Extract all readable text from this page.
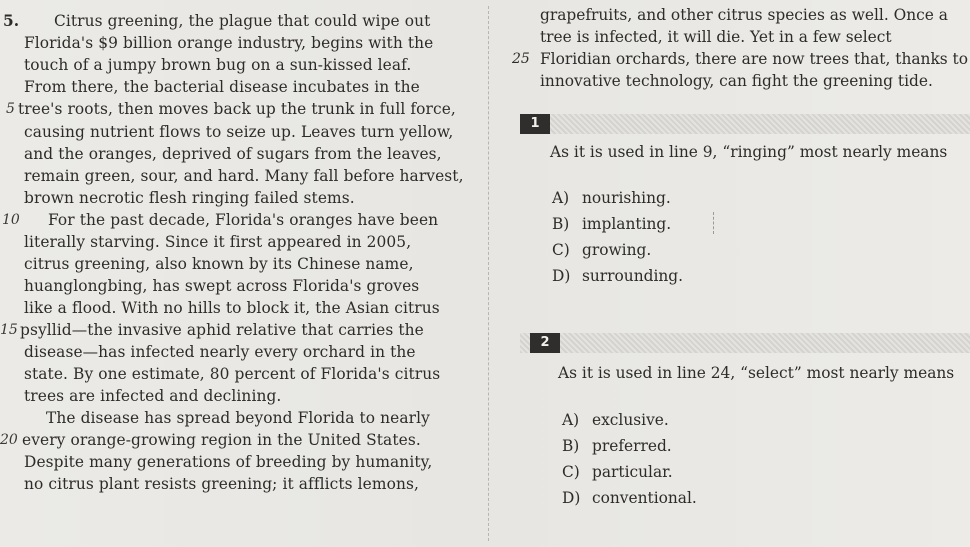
5. Citrus greening, the plague that could wipe out
Florida's $9 billion orange industry, begins with the
touch of a jumpy brown bug on a sun-kissed leaf.
From there, the bacterial disease incubates in the
5 tree's roots, then moves back up the trunk in full force,
causing nutrient flows to seize up. Leaves turn yellow,
and the oranges, deprived of sugars from the leaves,
remain green, sour, and hard. Many fall before harvest,
brown necrotic flesh ringing failed stems.
10 For the past decade, Florida's oranges have been
literally starving. Since it first appeared in 2005,
citrus greening, also known by its Chinese name,
huanglongbing, has swept across Florida's groves
like a flood. With no hills to block it, the Asian citrus
15 psyllid—the invasive aphid relative that carries the
disease—has infected nearly every orchard in the
state. By one estimate, 80 percent of Florida's citrus
trees are infected and declining.
The disease has spread beyond Florida to nearly
20 every orange-growing region in the United States.
Despite many generations of breeding by humanity,
no citrus plant resists greening; it afflicts lemons,
grapefruits, and other citrus species as well. Once a
tree is infected, it will die. Yet in a few select
25 Floridian orchards, there are now trees that, thanks to
innovative technology, can fight the greening tide.
1
As it is used in line 9, “ringing” most nearly means
A) nourishing.
B) implanting.
C) growing.
D) surrounding.
2
As it is used in line 24, “select” most nearly means
A) exclusive.
B) preferred.
C) particular.
D) conventional.
